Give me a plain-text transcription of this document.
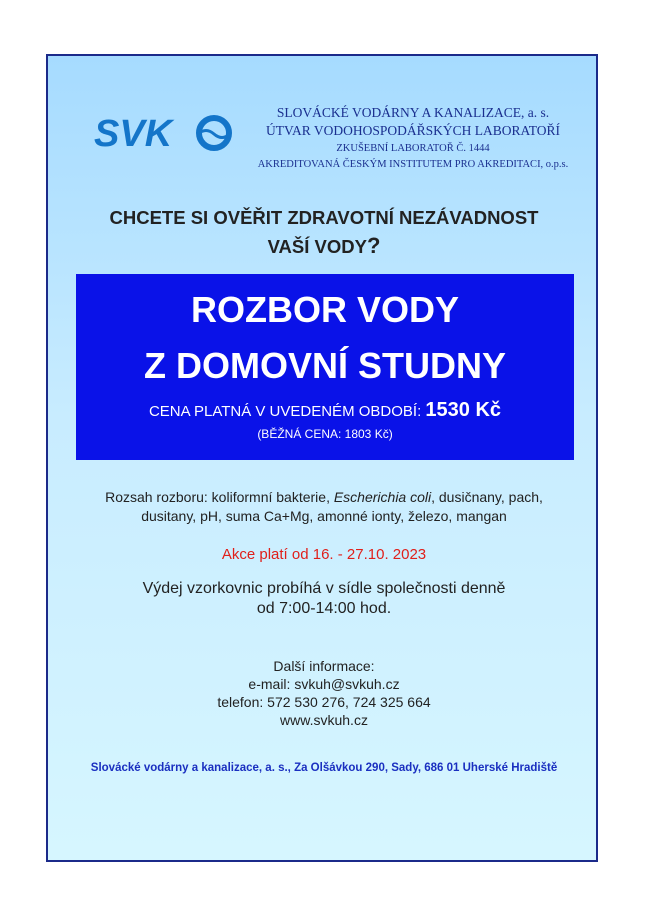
SVK
SLOVÁCKÉ VODÁRNY A KANALIZACE, a. s.
ÚTVAR VODOHOSPODÁŘSKÝCH LABORATOŘÍ
ZKUŠEBNÍ LABORATOŘ Č. 1444
AKREDITOVANÁ ČESKÝM INSTITUTEM PRO AKREDITACI, o.p.s.
CHCETE SI OVĚŘIT ZDRAVOTNÍ NEZÁVADNOST
VAŠÍ VODY?
ROZBOR VODY
Z DOMOVNÍ STUDNY
CENA PLATNÁ V UVEDENÉM OBDOBÍ: 1530 Kč
(BĚŽNÁ CENA: 1803 Kč)
Rozsah rozboru: koliformní bakterie, Escherichia coli, dusičnany, pach,
dusitany, pH, suma Ca+Mg, amonné ionty, železo, mangan
Akce platí od 16. - 27.10. 2023
Výdej vzorkovnic probíhá v sídle společnosti denně
od 7:00-14:00 hod.
Další informace:
e-mail: svkuh@svkuh.cz
telefon: 572 530 276, 724 325 664
www.svkuh.cz
Slovácké vodárny a kanalizace, a. s., Za Olšávkou 290, Sady, 686 01 Uherské Hradiště
